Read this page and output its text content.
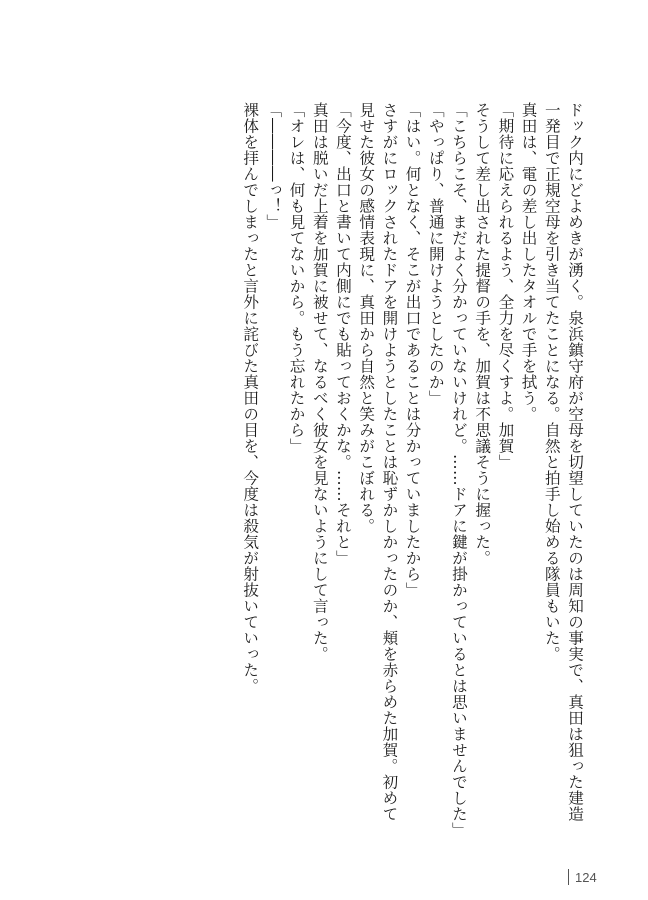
ドック内にどよめきが湧く。泉浜鎮守府が空母を切望していたのは周知の事実で、真田は狙った建造
一発目で正規空母を引き当てたことになる。自然と拍手し始める隊員もいた。
真田は、電の差し出したタオルで手を拭う。
「期待に応えられるよう、全力を尽くすよ。加賀」
そうして差し出された提督の手を、加賀は不思議そうに握った。
「こちらこそ、まだよく分かっていないけれど。……ドアに鍵が掛かっているとは思いませんでした」
「やっぱり、普通に開けようとしたのか」
「はい。何となく、そこが出口であることは分かっていましたから」
さすがにロックされたドアを開けようとしたことは恥ずかしかったのか、頬を赤らめた加賀。初めて
見せた彼女の感情表現に、真田から自然と笑みがこぼれる。
「今度、出口と書いて内側にでも貼っておくかな。……それと」
真田は脱いだ上着を加賀に被せて、なるべく彼女を見ないようにして言った。
「オレは、何も見てないから。もう忘れたから」
「――――っ！」
裸体を拝んでしまったと言外に詫びた真田の目を、今度は殺気が射抜いていった。
124
